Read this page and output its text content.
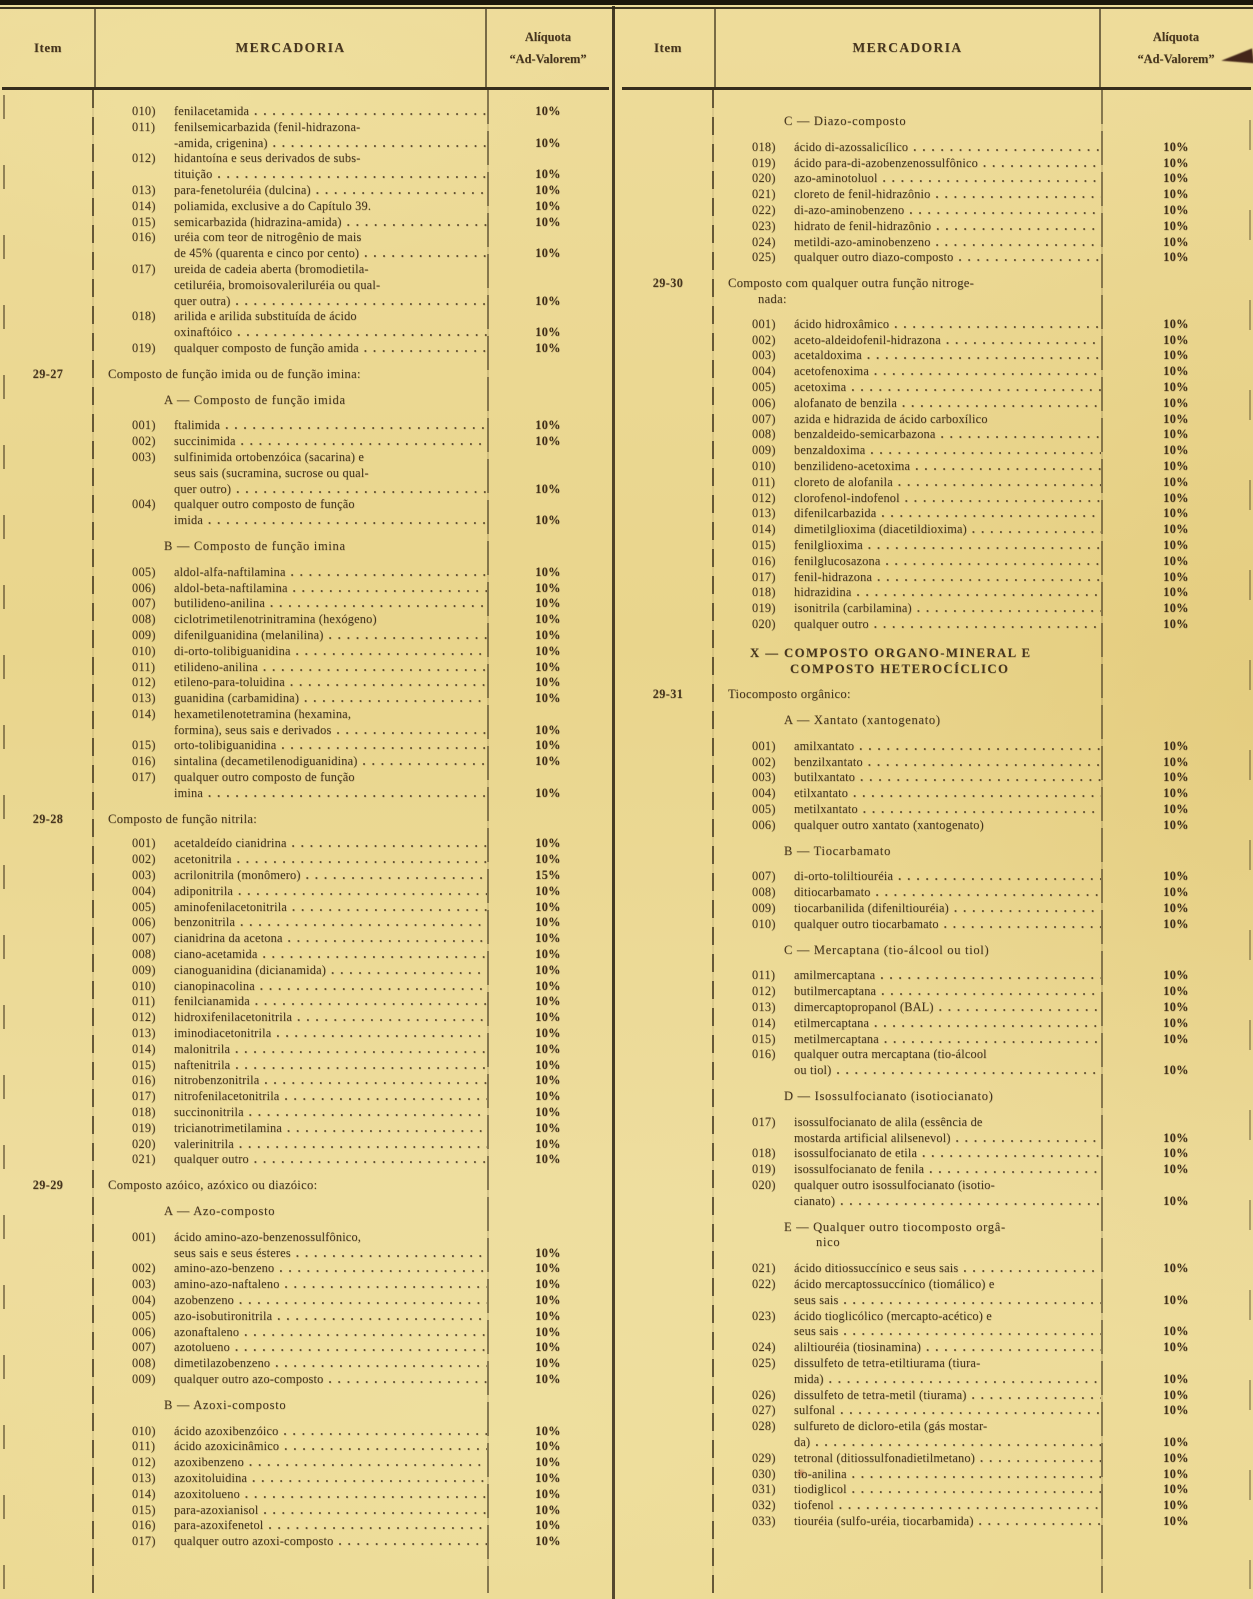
Item	MERCADORIA
Alíquota
“Ad-Valorem”
010)	fenilacetamida . . .	10%
011)	fenilsemicarbazida (fenil-hidrazona-
-amida, crigenina) . . .	10%
012)	hidantoína e seus derivados de subs-
tituição . . .	10%
013)	para-fenetoluréia (dulcina) . . .	10%
014)	poliamida, exclusive a do Capítulo 39.	10%
015)	semicarbazida (hidrazina-amida) . . .	10%
016)	uréia com teor de nitrogênio de mais
de 45% (quarenta e cinco por cento) . . .	10%
017)	ureida de cadeia aberta (bromodietila-
cetiluréia, bromoisovaleriluréia ou qual-
quer outra) . . .	10%
018)	arilida e arilida substituída de ácido
oxinaftóico . . .	10%
019)	qualquer composto de função amida . . .	10%
29-27	Composto de função imida ou de função imina:
A — Composto de função imida
001)	ftalimida . . .	10%
002)	succinimida . . .	10%
003)	sulfinimida ortobenzóica (sacarina) e
seus sais (sucramina, sucrose ou qual-
quer outro) . . .	10%
004)	qualquer outro composto de função
imida . . .	10%
B — Composto de função imina
005)	aldol-alfa-naftilamina . . .	10%
006)	aldol-beta-naftilamina . . .	10%
007)	butilideno-anilina . . .	10%
008)	ciclotrimetilenotrinitramina (hexógeno)	10%
009)	difenilguanidina (melanilina) . . .	10%
010)	di-orto-tolibiguanidina . . .	10%
011)	etilideno-anilina . . .	10%
012)	etileno-para-toluidina . . .	10%
013)	guanidina (carbamidina) . . .	10%
014)	hexametilenotetramina (hexamina,
formina), seus sais e derivados . . .	10%
015)	orto-tolibiguanidina . . .	10%
016)	sintalina (decametilenodiguanidina) . . .	10%
017)	qualquer outro composto de função
imina . . .	10%
29-28	Composto de função nitrila:
001)	acetaldeído cianidrina . . .	10%
002)	acetonitrila . . .	10%
003)	acrilonitrila (monômero) . . .	15%
004)	adiponitrila . . .	10%
005)	aminofenilacetonitrila . . .	10%
006)	benzonitrila . . .	10%
007)	cianidrina da acetona . . .	10%
008)	ciano-acetamida . . .	10%
009)	cianoguanidina (dicianamida) . . .	10%
010)	cianopinacolina . . .	10%
011)	fenilcianamida . . .	10%
012)	hidroxifenilacetonitrila . . .	10%
013)	iminodiacetonitrila . . .	10%
014)	malonitrila . . .	10%
015)	naftenitrila . . .	10%
016)	nitrobenzonitrila . . .	10%
017)	nitrofenilacetonitrila . . .	10%
018)	succinonitrila . . .	10%
019)	tricianotrimetilamina . . .	10%
020)	valerinitrila . . .	10%
021)	qualquer outro . . .	10%
29-29	Composto azóico, azóxico ou diazóico:
A — Azo-composto
001)	ácido amino-azo-benzenossulfônico,
seus sais e seus ésteres . . .	10%
002)	amino-azo-benzeno . . .	10%
003)	amino-azo-naftaleno . . .	10%
004)	azobenzeno . . .	10%
005)	azo-isobutironitrila . . .	10%
006)	azonaftaleno . . .	10%
007)	azotolueno . . .	10%
008)	dimetilazobenzeno . . .	10%
009)	qualquer outro azo-composto . . .	10%
B — Azoxi-composto
010)	ácido azoxibenzóico . . .	10%
011)	ácido azoxicinâmico . . .	10%
012)	azoxibenzeno . . .	10%
013)	azoxitoluidina . . .	10%
014)	azoxitolueno . . .	10%
015)	para-azoxianisol . . .	10%
016)	para-azoxifenetol . . .	10%
017)	qualquer outro azoxi-composto . . .	10%
Item	MERCADORIA
Alíquota
“Ad-Valorem”
C — Diazo-composto
018)	ácido di-azossalicílico . . .	10%
019)	ácido para-di-azobenzenossulfônico . . .	10%
020)	azo-aminotoluol . . .	10%
021)	cloreto de fenil-hidrazônio . . .	10%
022)	di-azo-aminobenzeno . . .	10%
023)	hidrato de fenil-hidrazônio . . .	10%
024)	metildi-azo-aminobenzeno . . .	10%
025)	qualquer outro diazo-composto . . .	10%
29-30	Composto com qualquer outra função nitroge-
nada:
001)	ácido hidroxâmico . . .	10%
002)	aceto-aldeidofenil-hidrazona . . .	10%
003)	acetaldoxima . . .	10%
004)	acetofenoxima . . .	10%
005)	acetoxima . . .	10%
006)	alofanato de benzila . . .	10%
007)	azida e hidrazida de ácido carboxílico	10%
008)	benzaldeido-semicarbazona . . .	10%
009)	benzaldoxima . . .	10%
010)	benzilideno-acetoxima . . .	10%
011)	cloreto de alofanila . . .	10%
012)	clorofenol-indofenol . . .	10%
013)	difenilcarbazida . . .	10%
014)	dimetilglioxima (diacetildioxima) . . .	10%
015)	fenilglioxima . . .	10%
016)	fenilglucosazona . . .	10%
017)	fenil-hidrazona . . .	10%
018)	hidrazidina . . .	10%
019)	isonitrila (carbilamina) . . .	10%
020)	qualquer outro . . .	10%
X — COMPOSTO ORGANO-MINERAL E
COMPOSTO HETEROCÍCLICO
29-31	Tiocomposto orgânico:
A — Xantato (xantogenato)
001)	amilxantato . . .	10%
002)	benzilxantato . . .	10%
003)	butilxantato . . .	10%
004)	etilxantato . . .	10%
005)	metilxantato . . .	10%
006)	qualquer outro xantato (xantogenato)	10%
B — Tiocarbamato
007)	di-orto-toliltiouréia . . .	10%
008)	ditiocarbamato . . .	10%
009)	tiocarbanilida (difeniltiouréia) . . .	10%
010)	qualquer outro tiocarbamato . . .	10%
C — Mercaptana (tio-álcool ou tiol)
011)	amilmercaptana . . .	10%
012)	butilmercaptana . . .	10%
013)	dimercaptopropanol (BAL) . . .	10%
014)	etilmercaptana . . .	10%
015)	metilmercaptana . . .	10%
016)	qualquer outra mercaptana (tio-álcool
ou tiol) . . .	10%
D — Isossulfocianato (isotiocianato)
017)	isossulfocianato de alila (essência de
mostarda artificial alilsenevol) . . .	10%
018)	isossulfocianato de etila . . .	10%
019)	isossulfocianato de fenila . . .	10%
020)	qualquer outro isossulfocianato (isotio-
cianato) . . .	10%
E — Qualquer outro tiocomposto orgâ-
nico
021)	ácido ditiossuccínico e seus sais . . .	10%
022)	ácido mercaptossuccínico (tiomálico) e
seus sais . . .	10%
023)	ácido tioglicólico (mercapto-acético) e
seus sais . . .	10%
024)	aliltiouréia (tiosinamina) . . .	10%
025)	dissulfeto de tetra-etiltiurama (tiura-
mida) . . .	10%
026)	dissulfeto de tetra-metil (tiurama) . . .	10%
027)	sulfonal . . .	10%
028)	sulfureto de dicloro-etila (gás mostar-
da) . . .	10%
029)	tetronal (ditiossulfonadietilmetano) . . .	10%
030)	tio-anilina . . .	10%
031)	tiodiglicol . . .	10%
032)	tiofenol . . .	10%
033)	tiouréia (sulfo-uréia, tiocarbamida) . . .	10%
